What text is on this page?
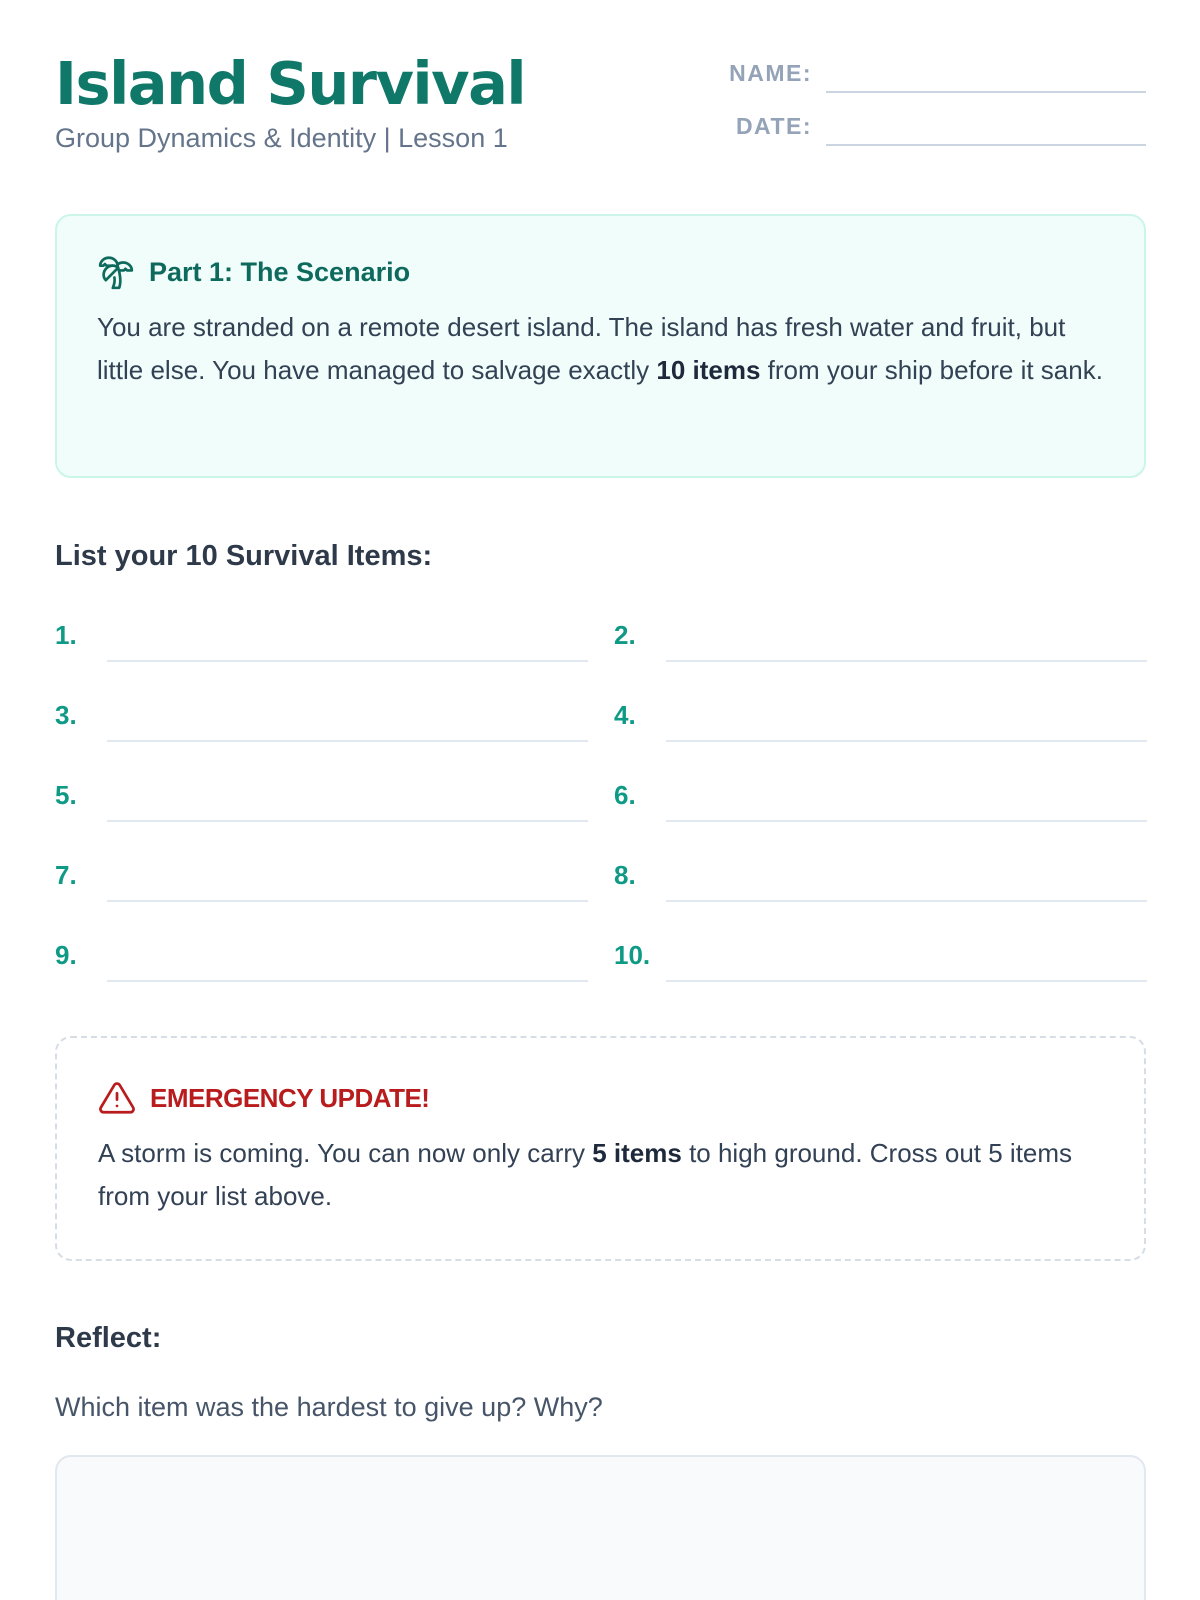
Island Survival
Group Dynamics & Identity | Lesson 1
NAME:
DATE:
Part 1: The Scenario
You are stranded on a remote desert island. The island has fresh water and fruit, but little else. You have managed to salvage exactly 10 items from your ship before it sank.
List your 10 Survival Items:
1.	2.
3.	4.
5.	6.
7.	8.
9.	10.
EMERGENCY UPDATE!
A storm is coming. You can now only carry 5 items to high ground. Cross out 5 items from your list above.
Reflect:
Which item was the hardest to give up? Why?
